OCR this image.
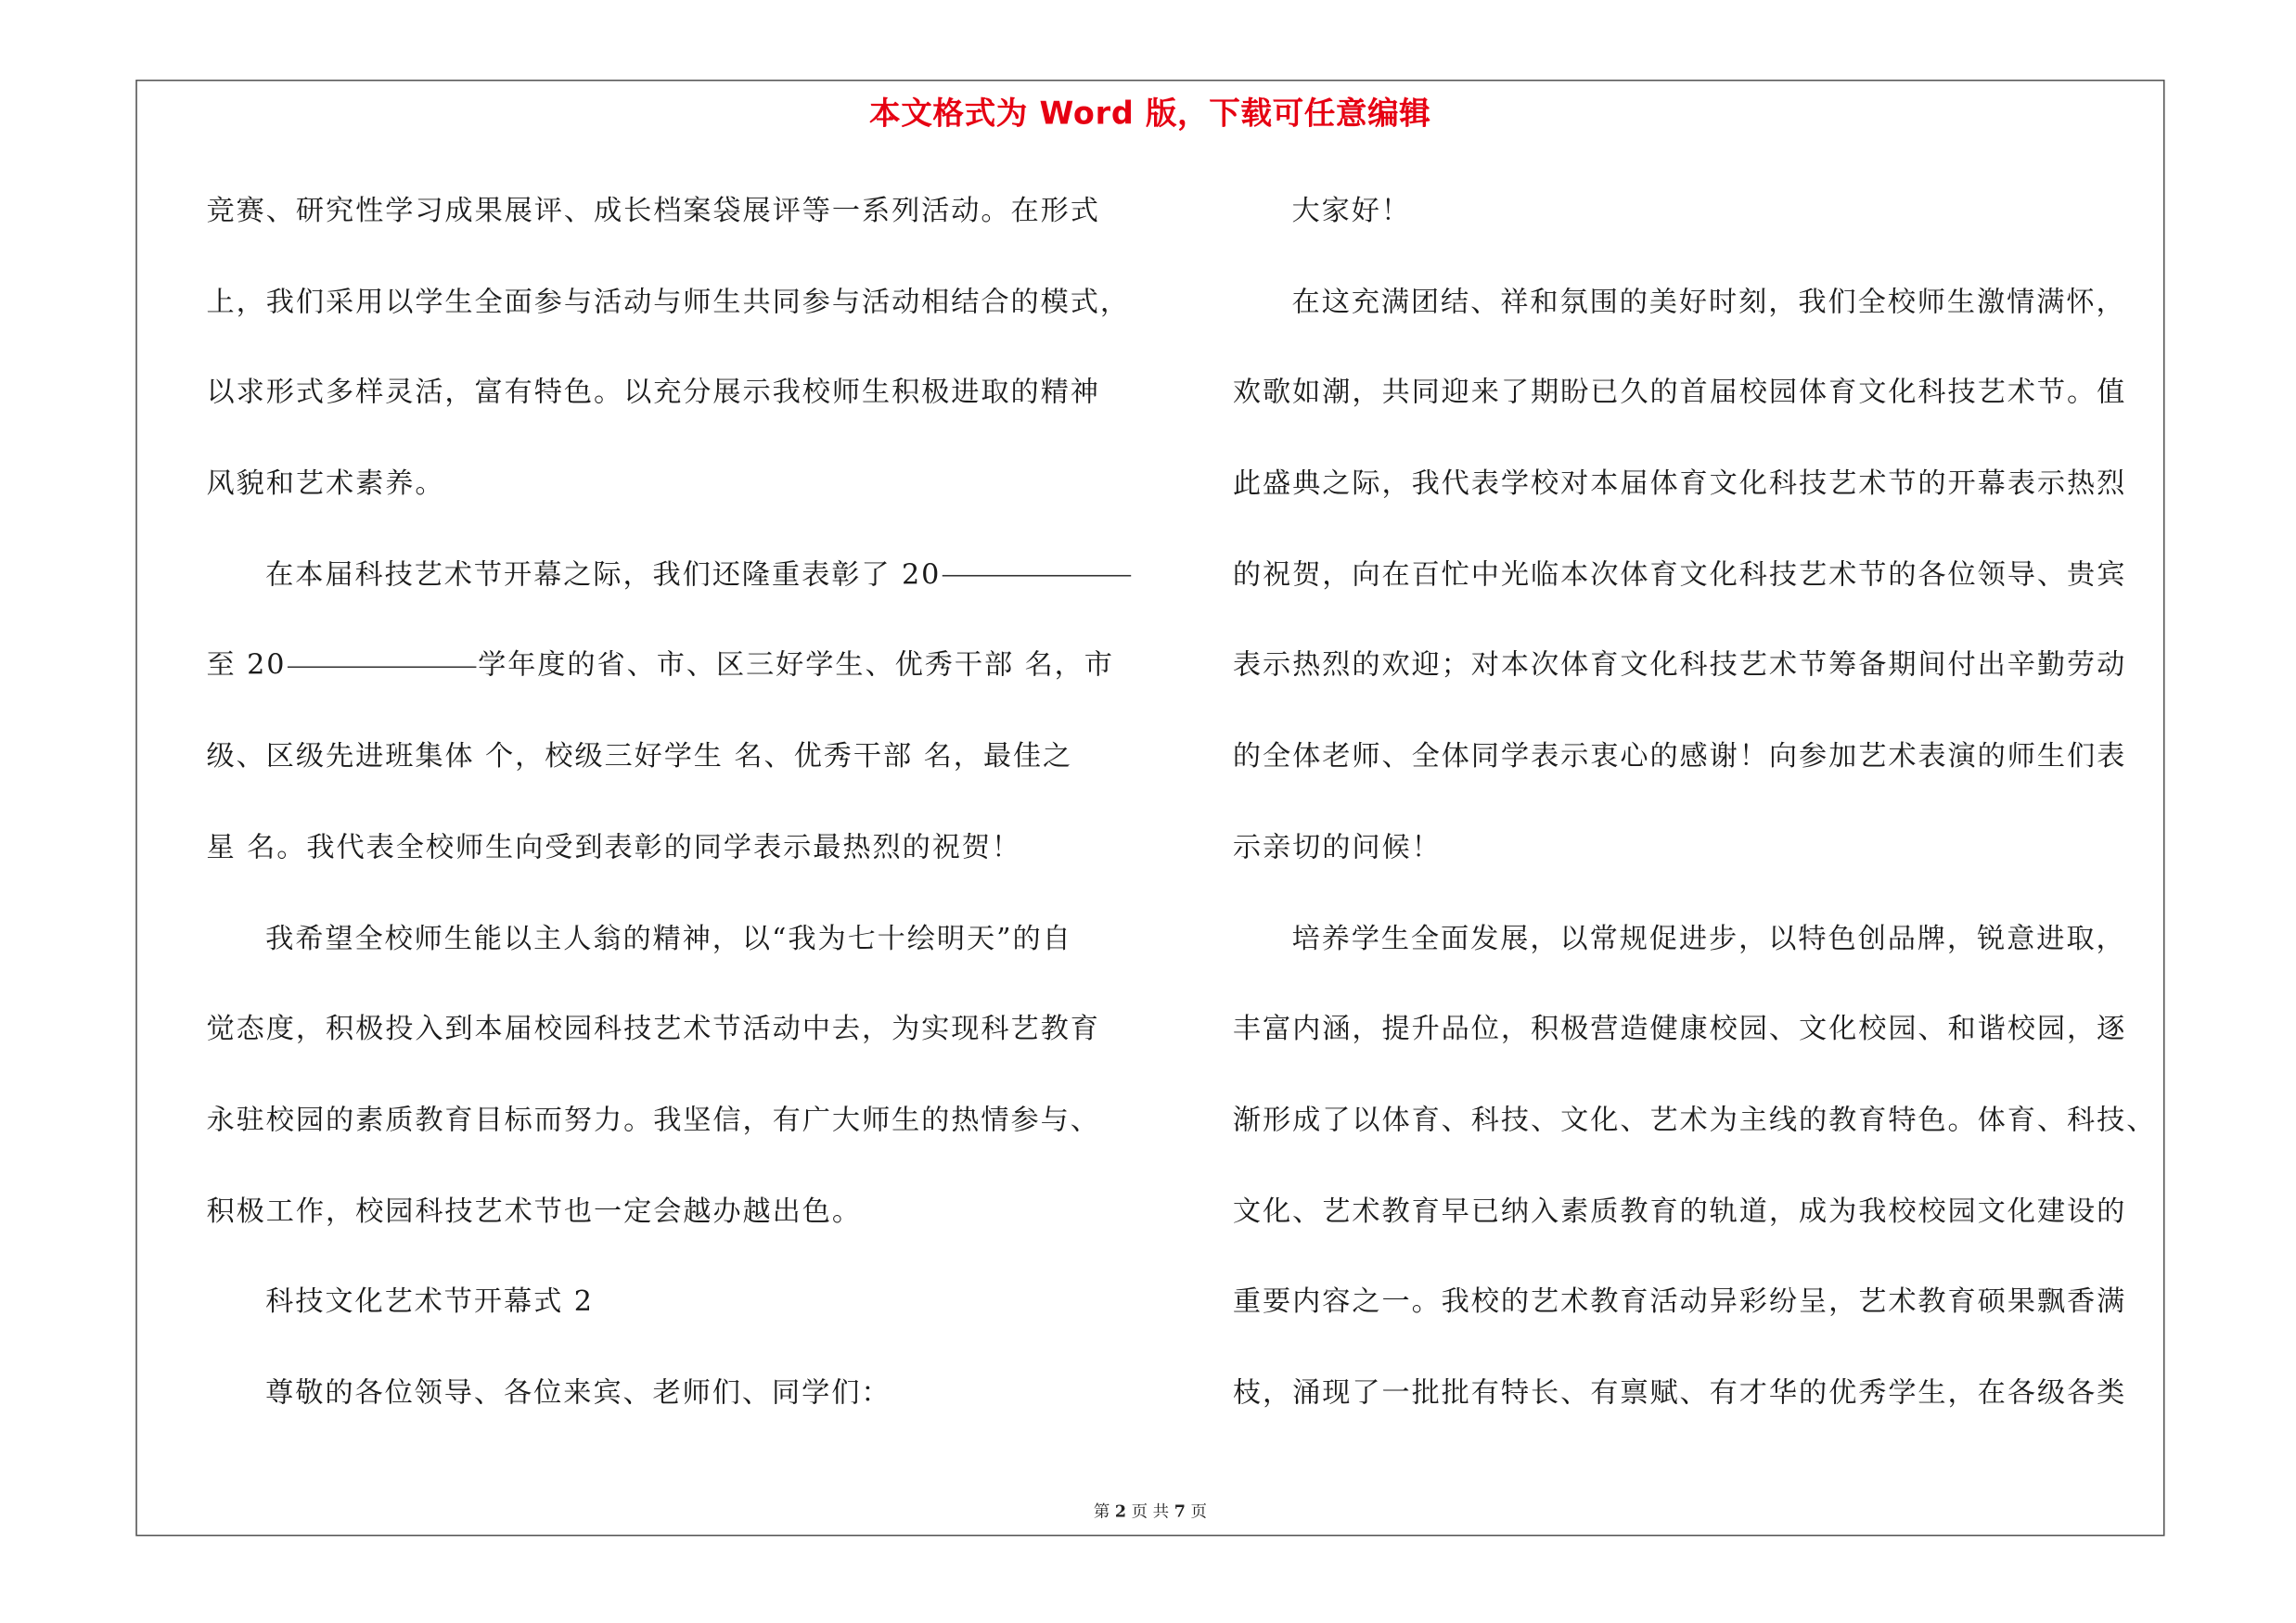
本文格式为 Word 版，下载可任意编辑
竞赛、研究性学习成果展评、成长档案袋展评等一系列活动。在形式
上，我们采用以学生全面参与活动与师生共同参与活动相结合的模式，
以求形式多样灵活，富有特色。以充分展示我校师生积极进取的精神
风貌和艺术素养。
在本届科技艺术节开幕之际，我们还隆重表彰了 20
至 20	学年度的省、市、区三好学生、优秀干部 名，市
级、区级先进班集体 个，校级三好学生 名、优秀干部 名，最佳之
星 名。我代表全校师生向受到表彰的同学表示最热烈的祝贺！
我希望全校师生能以主人翁的精神，以“我为七十绘明天”的自
觉态度，积极投入到本届校园科技艺术节活动中去，为实现科艺教育
永驻校园的素质教育目标而努力。我坚信，有广大师生的热情参与、
积极工作，校园科技艺术节也一定会越办越出色。
科技文化艺术节开幕式 2
尊敬的各位领导、各位来宾、老师们、同学们：
大家好！
在这充满团结、祥和氛围的美好时刻，我们全校师生激情满怀，
欢歌如潮，共同迎来了期盼已久的首届校园体育文化科技艺术节。值
此盛典之际，我代表学校对本届体育文化科技艺术节的开幕表示热烈
的祝贺，向在百忙中光临本次体育文化科技艺术节的各位领导、贵宾
表示热烈的欢迎；对本次体育文化科技艺术节筹备期间付出辛勤劳动
的全体老师、全体同学表示衷心的感谢！向参加艺术表演的师生们表
示亲切的问候！
培养学生全面发展，以常规促进步，以特色创品牌，锐意进取，
丰富内涵，提升品位，积极营造健康校园、文化校园、和谐校园，逐
渐形成了以体育、科技、文化、艺术为主线的教育特色。体育、科技、
文化、艺术教育早已纳入素质教育的轨道，成为我校校园文化建设的
重要内容之一。我校的艺术教育活动异彩纷呈，艺术教育硕果飘香满
枝，涌现了一批批有特长、有禀赋、有才华的优秀学生，在各级各类
第 2 页 共 7 页
